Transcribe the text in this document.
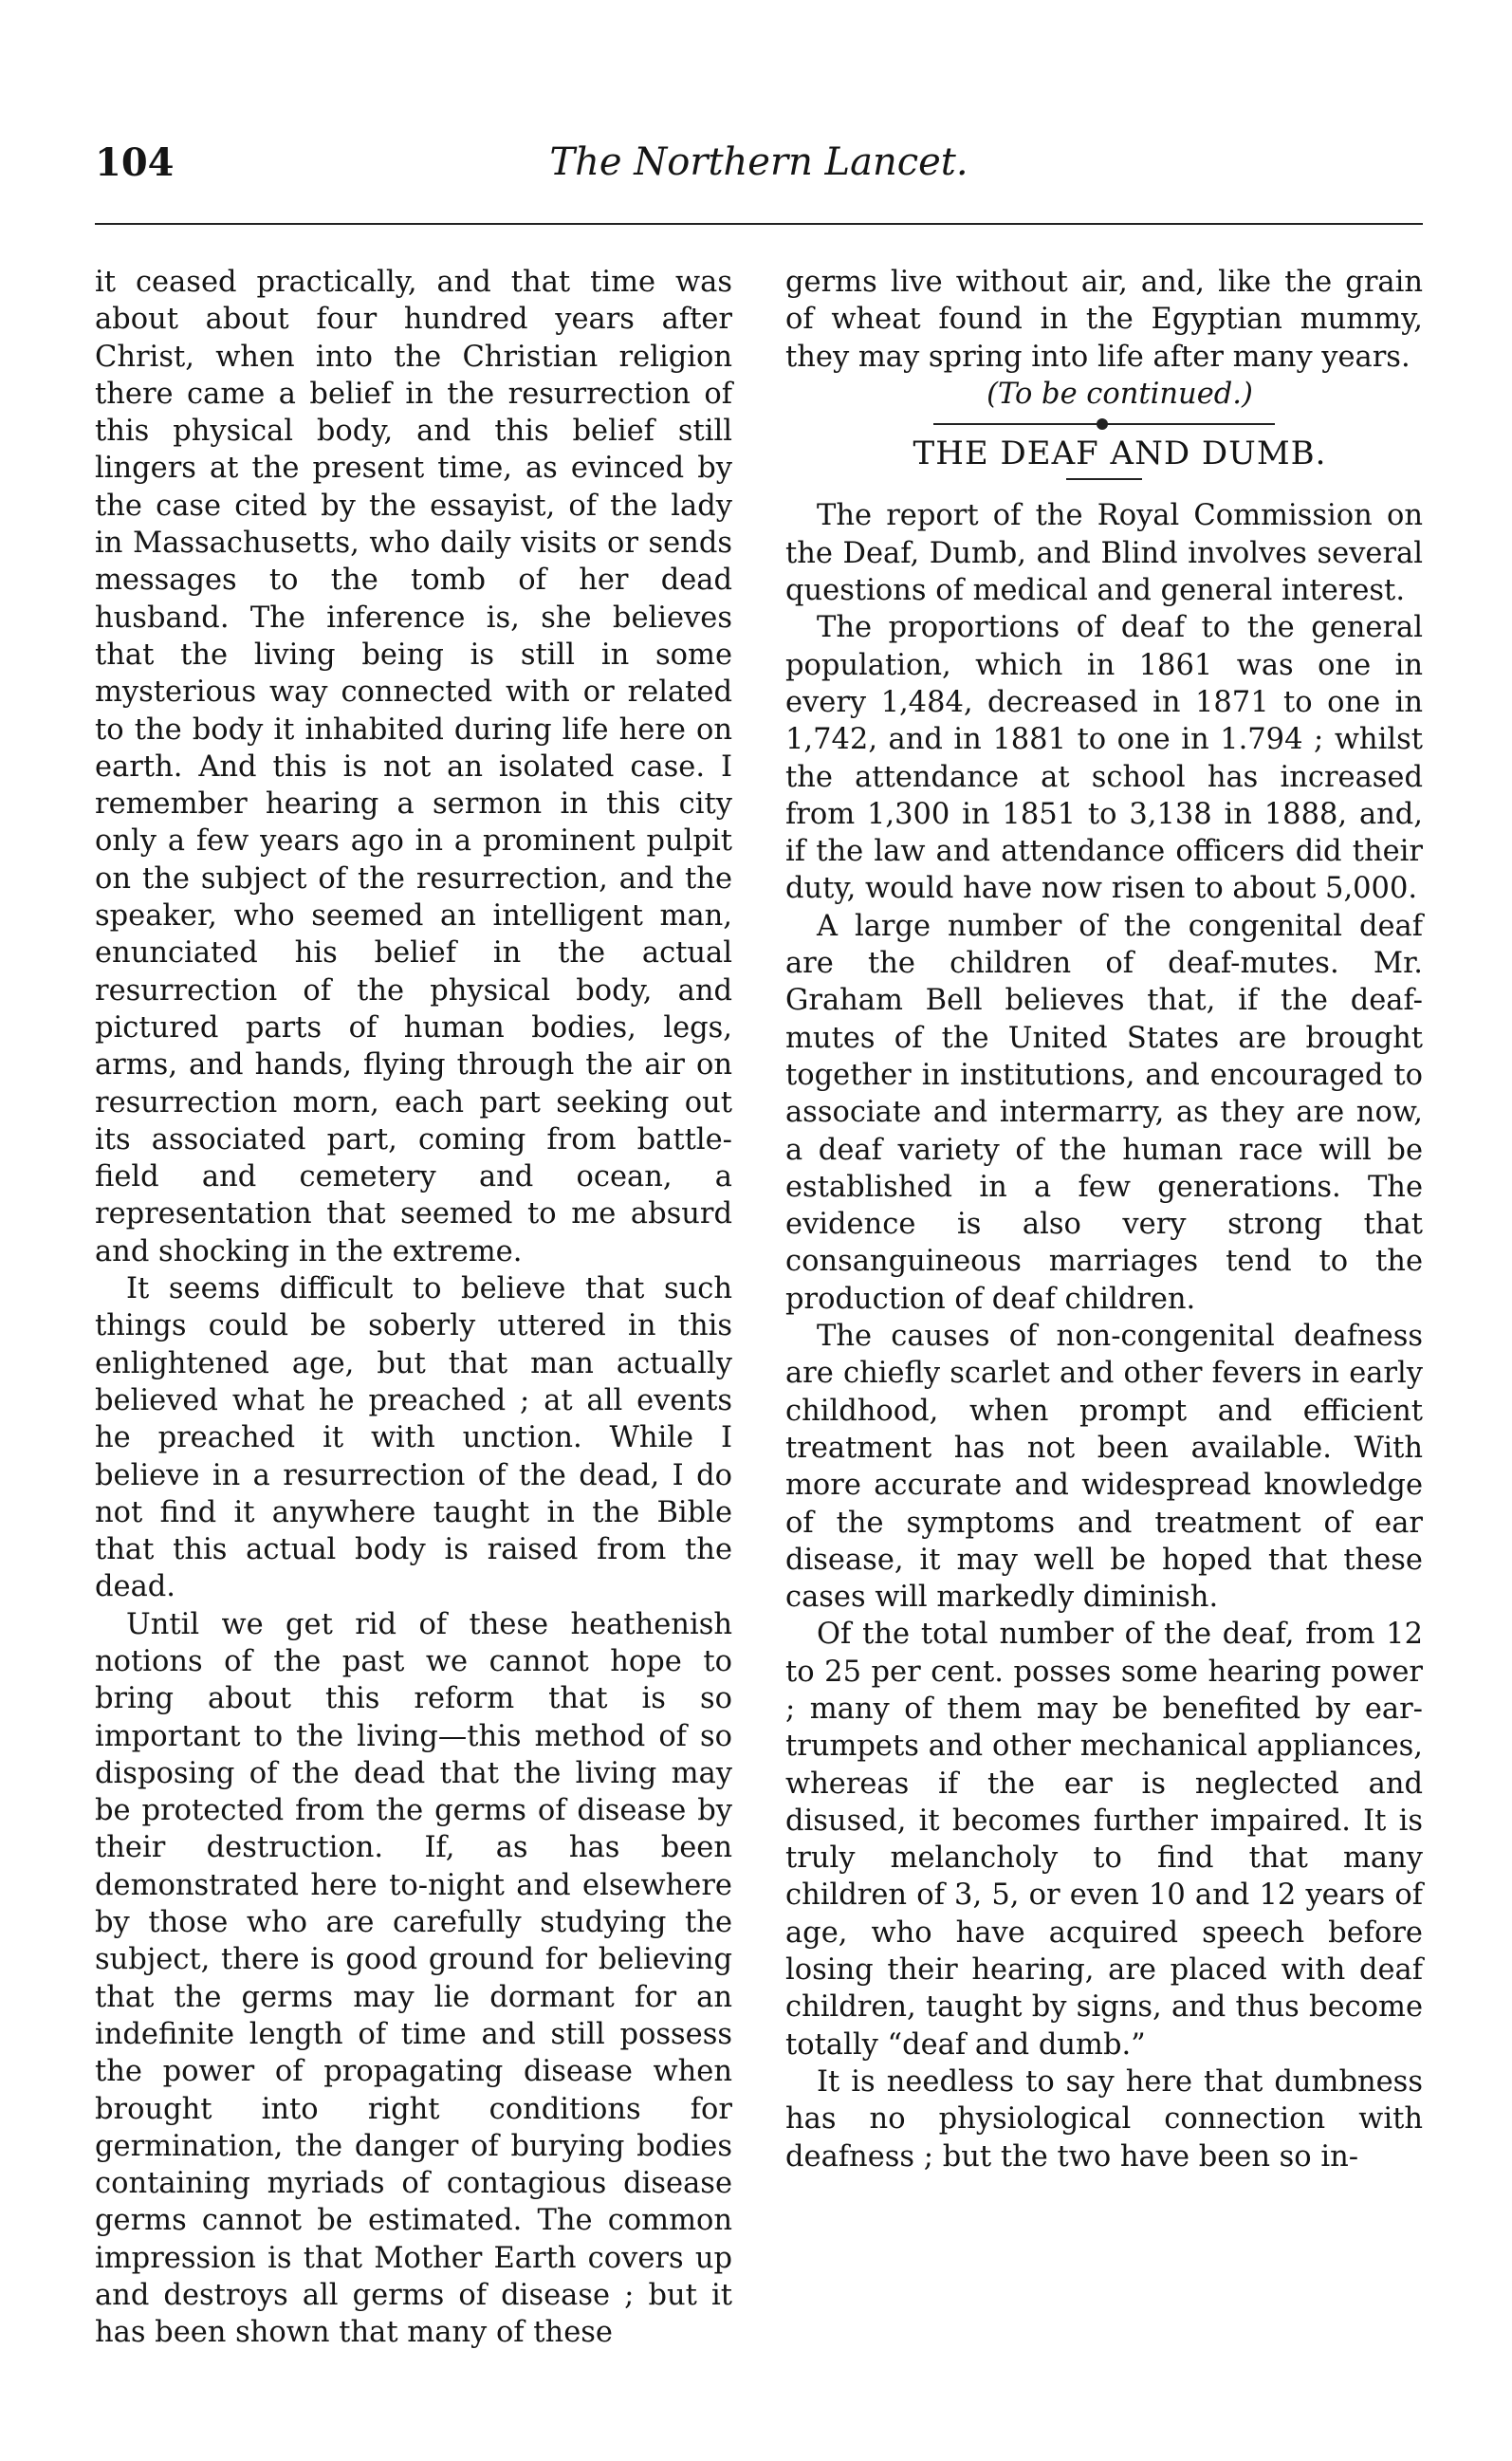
104	The Northern Lancet.

it ceased practically, and that time was about about four hundred years after Christ, when into the Christian religion there came a belief in the resurrection of this physical body, and this belief still lingers at the present time, as evinced by the case cited by the essayist, of the lady in Massachusetts, who daily visits or sends messages to the tomb of her dead husband. The inference is, she believes that the living being is still in some mysterious way connected with or related to the body it inhabited during life here on earth. And this is not an isolated case. I remember hearing a sermon in this city only a few years ago in a prominent pulpit on the subject of the resurrection, and the speaker, who seemed an intelligent man, enunciated his belief in the actual resurrection of the physical body, and pictured parts of human bodies, legs, arms, and hands, flying through the air on resurrection morn, each part seeking out its associated part, coming from battle-field and cemetery and ocean, a representation that seemed to me absurd and shocking in the extreme.

It seems difficult to believe that such things could be soberly uttered in this enlightened age, but that man actually believed what he preached ; at all events he preached it with unction. While I believe in a resurrection of the dead, I do not find it anywhere taught in the Bible that this actual body is raised from the dead.

Until we get rid of these heathenish notions of the past we cannot hope to bring about this reform that is so important to the living—this method of so disposing of the dead that the living may be protected from the germs of disease by their destruction. If, as has been demonstrated here to-night and elsewhere by those who are carefully studying the subject, there is good ground for believing that the germs may lie dormant for an indefinite length of time and still possess the power of propagating disease when brought into right conditions for germination, the danger of burying bodies containing myriads of contagious disease germs cannot be estimated. The common impression is that Mother Earth covers up and destroys all germs of disease ; but it has been shown that many of these

germs live without air, and, like the grain of wheat found in the Egyptian mummy, they may spring into life after many years.

(To be continued.)

THE DEAF AND DUMB.

The report of the Royal Commission on the Deaf, Dumb, and Blind involves several questions of medical and general interest.

The proportions of deaf to the general population, which in 1861 was one in every 1,484, decreased in 1871 to one in 1,742, and in 1881 to one in 1.794 ; whilst the attendance at school has increased from 1,300 in 1851 to 3,138 in 1888, and, if the law and attendance officers did their duty, would have now risen to about 5,000.

A large number of the congenital deaf are the children of deaf-mutes. Mr. Graham Bell believes that, if the deaf-mutes of the United States are brought together in institutions, and encouraged to associate and intermarry, as they are now, a deaf variety of the human race will be established in a few generations. The evidence is also very strong that consanguineous marriages tend to the production of deaf children.

The causes of non-congenital deafness are chiefly scarlet and other fevers in early childhood, when prompt and efficient treatment has not been available. With more accurate and widespread knowledge of the symptoms and treatment of ear disease, it may well be hoped that these cases will markedly diminish.

Of the total number of the deaf, from 12 to 25 per cent. posses some hearing power ; many of them may be benefited by ear-trumpets and other mechanical appliances, whereas if the ear is neglected and disused, it becomes further impaired. It is truly melancholy to find that many children of 3, 5, or even 10 and 12 years of age, who have acquired speech before losing their hearing, are placed with deaf children, taught by signs, and thus become totally “deaf and dumb.”

It is needless to say here that dumbness has no physiological connection with deafness ; but the two have been so in-
